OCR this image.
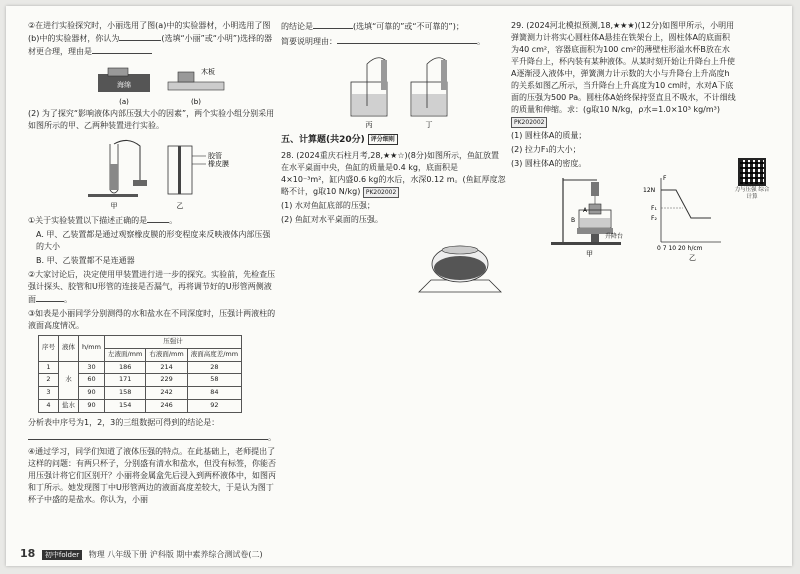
②在进行实验探究时，小丽选用了图(a)中的实验器材，小明选用了图(b)中的实验器材，你认为	(选填“小丽”或“小明”)选择的器材更合理，理由是
海绵
木板
(a)	(b)
(2) 为了探究“影响液体内部压强大小的因素”，两个实验小组分别采用如图所示的甲、乙两种装置进行实验。
胶管
橡皮膜
甲	乙
①关于实验装置以下描述正确的是	。
A. 甲、乙装置都是通过观察橡皮膜的形变程度来反映液体内部压强的大小
B. 甲、乙装置都不是连通器
②大家讨论后，决定使用甲装置进行进一步的探究。实验前，先检查压强计探头、胶管和U形管的连接是否漏气，再将调节好的U形管两侧液面	。
③如表是小丽同学分别测得的水和盐水在不同深度时，压强计两液柱的液面高度情况。
序号	液体	h/mm	压强计		
			左液面/mm	右液面/mm	液面高度差/mm
1	水	30	186	214	28
2		60	171	229	58
3		90	158	242	84
4	盐水	90	154	246	92
分析表中序号为1，2，3的三组数据可得到的结论是：
。
④通过学习，同学们知道了液体压强的特点。在此基础上，老师提出了这样的问题：有两只杯子，分别盛有清水和盐水，但没有标签，你能否用压强计将它们区别开？小丽将金属盒先后浸入到两杯液体中，如图丙和丁所示。她发现图丁中U形管两边的液面高度差较大，于是认为图丁杯子中盛的是盐水。你认为，小丽
的结论是	(选填“可靠的”或“不可靠的”)；
简要说明理由：	。
丙	丁
五、计算题(共20分) 评分细则
28. (2024重庆石柱月考,28,★★☆)(8分)如图所示，鱼缸放置在水平桌面中央，鱼缸的质量是0.4 kg，底面积是4×10⁻³m²，缸内盛0.6 kg的水后，水深0.12 m。(鱼缸厚度忽略不计，g取10 N/kg) PK202002
(1) 水对鱼缸底部的压强；
(2) 鱼缸对水平桌面的压强。
29. (2024河北模拟预测,18,★★★)(12分)如图甲所示，小明用弹簧测力计将实心圆柱体A悬挂在铁架台上，圆柱体A的底面积为40 cm²，容器底面积为100 cm²的薄壁柱形溢水杯B放在水平升降台上，杯内装有某种液体。从某时刻开始让升降台上升使A逐渐浸入液体中，弹簧测力计示数的大小与升降台上升高度h的关系如图乙所示，当升降台上升高度为10 cm时，水对A下底面的压强为500 Pa。圆柱体A始终保持竖直且不吸水，不计细线的质量和伸缩。求：(g取10 N/kg，ρ水=1.0×10³ kg/m³) PK202002
力与压强 综合计算
(1) 圆柱体A的质量；
(2) 拉力F₁的大小；
(3) 圆柱体A的密度。
A
B
升降台
甲
F
12N
F₁
F₂
0 7 10 20 h/cm
乙
18 初中folder 物理 八年级下册 沪科版 期中素养综合测试卷(二)
